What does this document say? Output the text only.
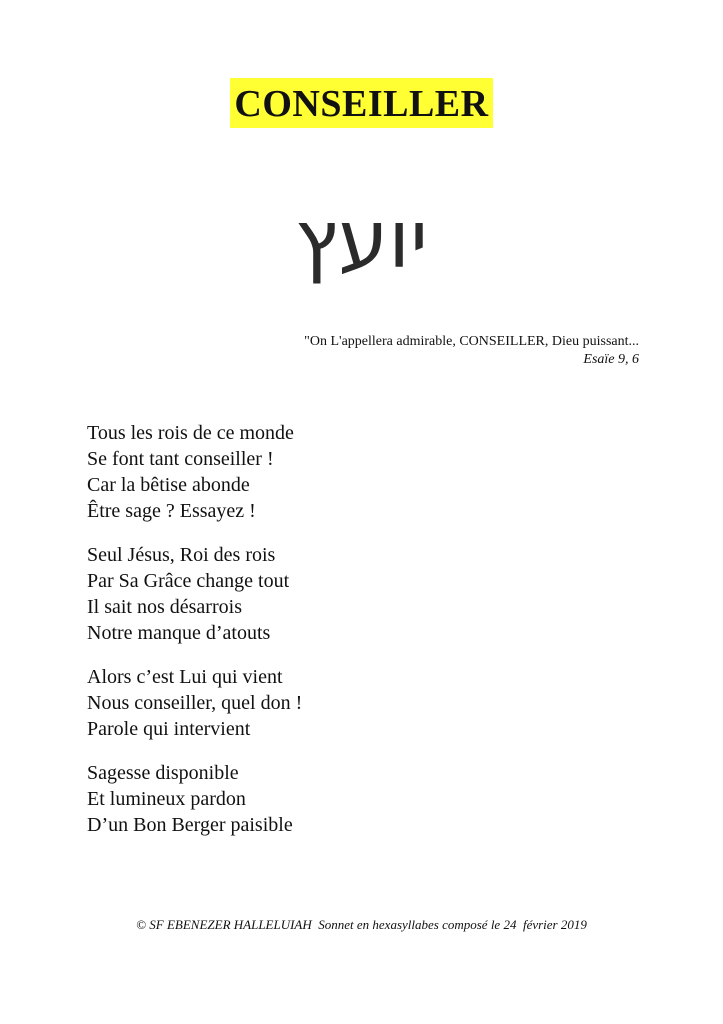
CONSEILLER
יועץ
"On L'appellera admirable, CONSEILLER, Dieu puissant...
Esaïe 9, 6
Tous les rois de ce monde
Se font tant conseiller !
Car la bêtise abonde
Être sage ? Essayez !
Seul Jésus, Roi des rois
Par Sa Grâce change tout
Il sait nos désarrois
Notre manque d’atouts
Alors c’est Lui qui vient
Nous conseiller, quel don !
Parole qui intervient
Sagesse disponible
Et lumineux pardon
D’un Bon Berger paisible
© SF EBENEZER HALLELUIAH  Sonnet en hexasyllabes composé le 24  février 2019
